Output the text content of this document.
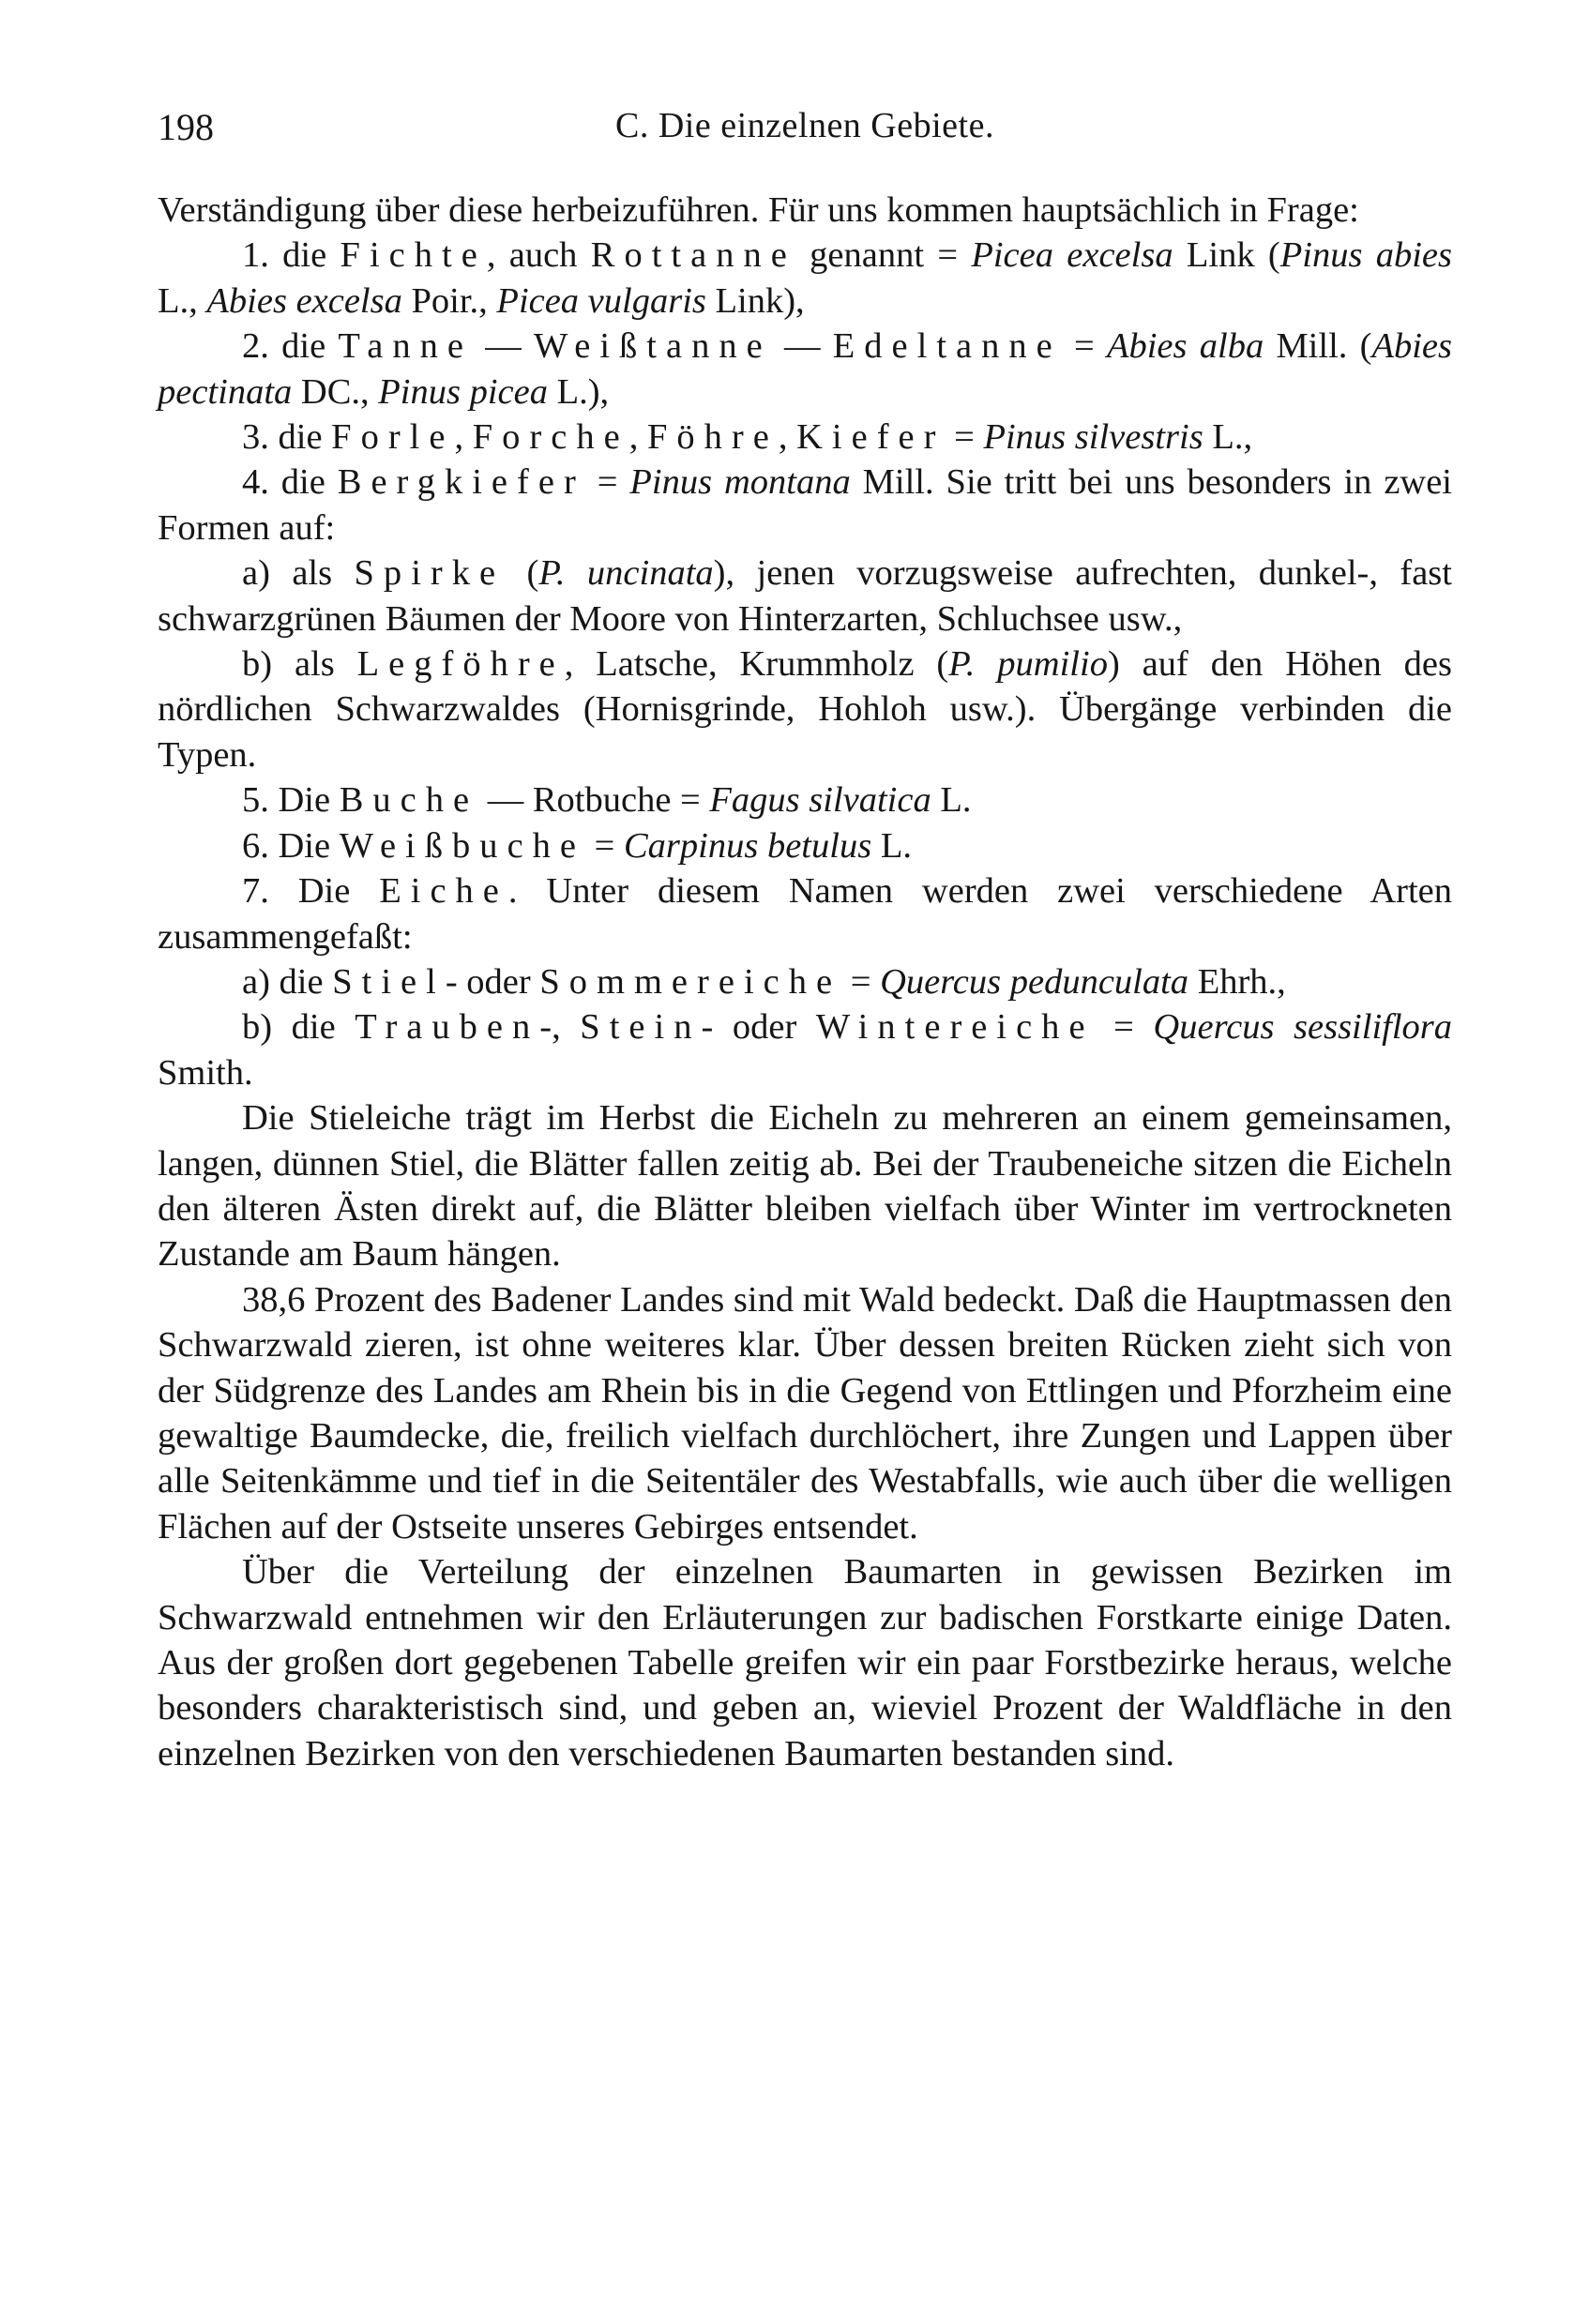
198	C. Die einzelnen Gebiete.

Verständigung über diese herbeizuführen. Für uns kommen hauptsächlich in Frage:

1. die Fichte, auch Rottanne genannt = Picea excelsa Link (Pinus abies L., Abies excelsa Poir., Picea vulgaris Link),

2. die Tanne — Weißtanne — Edeltanne = Abies alba Mill. (Abies pectinata DC., Pinus picea L.),

3. die Forle, Forche, Föhre, Kiefer = Pinus silvestris L.,

4. die Bergkiefer = Pinus montana Mill. Sie tritt bei uns besonders in zwei Formen auf:

a) als Spirke (P. uncinata), jenen vorzugsweise aufrechten, dunkel-, fast schwarzgrünen Bäumen der Moore von Hinterzarten, Schluchsee usw.,

b) als Legföhre, Latsche, Krummholz (P. pumilio) auf den Höhen des nördlichen Schwarzwaldes (Hornisgrinde, Hohloh usw.). Übergänge verbinden die Typen.

5. Die Buche — Rotbuche = Fagus silvatica L.

6. Die Weißbuche = Carpinus betulus L.

7. Die Eiche. Unter diesem Namen werden zwei verschiedene Arten zusammengefaßt:

a) die Stiel- oder Sommereiche = Quercus pedunculata Ehrh.,

b) die Trauben-, Stein- oder Wintereiche = Quercus sessiliflora Smith.

Die Stieleiche trägt im Herbst die Eicheln zu mehreren an einem gemeinsamen, langen, dünnen Stiel, die Blätter fallen zeitig ab. Bei der Traubeneiche sitzen die Eicheln den älteren Ästen direkt auf, die Blätter bleiben vielfach über Winter im vertrockneten Zustande am Baum hängen.

38,6 Prozent des Badener Landes sind mit Wald bedeckt. Daß die Hauptmassen den Schwarzwald zieren, ist ohne weiteres klar. Über dessen breiten Rücken zieht sich von der Südgrenze des Landes am Rhein bis in die Gegend von Ettlingen und Pforzheim eine gewaltige Baumdecke, die, freilich vielfach durchlöchert, ihre Zungen und Lappen über alle Seitenkämme und tief in die Seitentäler des Westabfalls, wie auch über die welligen Flächen auf der Ostseite unseres Gebirges entsendet.

Über die Verteilung der einzelnen Baumarten in gewissen Bezirken im Schwarzwald entnehmen wir den Erläuterungen zur badischen Forstkarte einige Daten. Aus der großen dort gegebenen Tabelle greifen wir ein paar Forstbezirke heraus, welche besonders charakteristisch sind, und geben an, wieviel Prozent der Waldfläche in den einzelnen Bezirken von den verschiedenen Baumarten bestanden sind.
